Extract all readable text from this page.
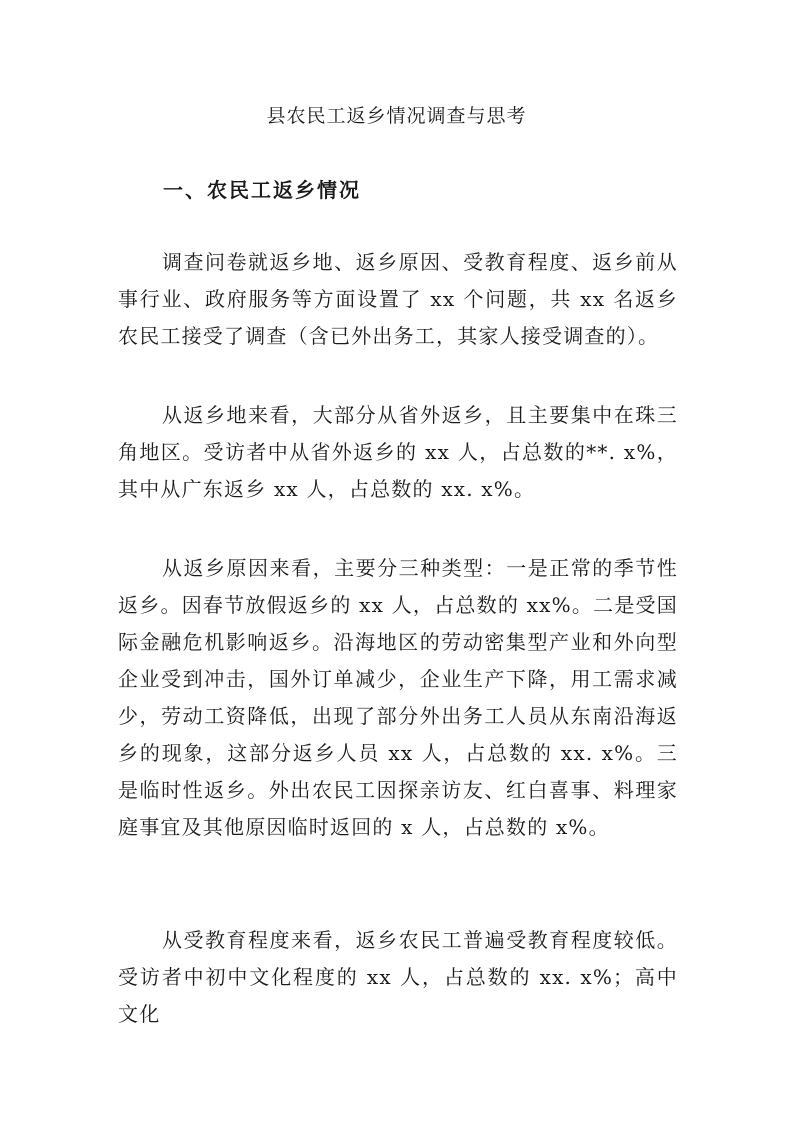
县农民工返乡情况调查与思考
一、农民工返乡情况

调查问卷就返乡地、返乡原因、受教育程度、返乡前从事行业、政府服务等方面设置了 xx 个问题，共 xx 名返乡农民工接受了调查（含已外出务工，其家人接受调查的）。

从返乡地来看，大部分从省外返乡，且主要集中在珠三角地区。受访者中从省外返乡的 xx 人，占总数的**. x%，其中从广东返乡 xx 人，占总数的 xx. x%。

从返乡原因来看，主要分三种类型：一是正常的季节性返乡。因春节放假返乡的 xx 人，占总数的 xx%。二是受国际金融危机影响返乡。沿海地区的劳动密集型产业和外向型企业受到冲击，国外订单减少，企业生产下降，用工需求减少，劳动工资降低，出现了部分外出务工人员从东南沿海返乡的现象，这部分返乡人员 xx 人，占总数的 xx. x%。三是临时性返乡。外出农民工因探亲访友、红白喜事、料理家庭事宜及其他原因临时返回的 x 人，占总数的 x%。

从受教育程度来看，返乡农民工普遍受教育程度较低。受访者中初中文化程度的 xx 人，占总数的 xx. x%；高中文化
